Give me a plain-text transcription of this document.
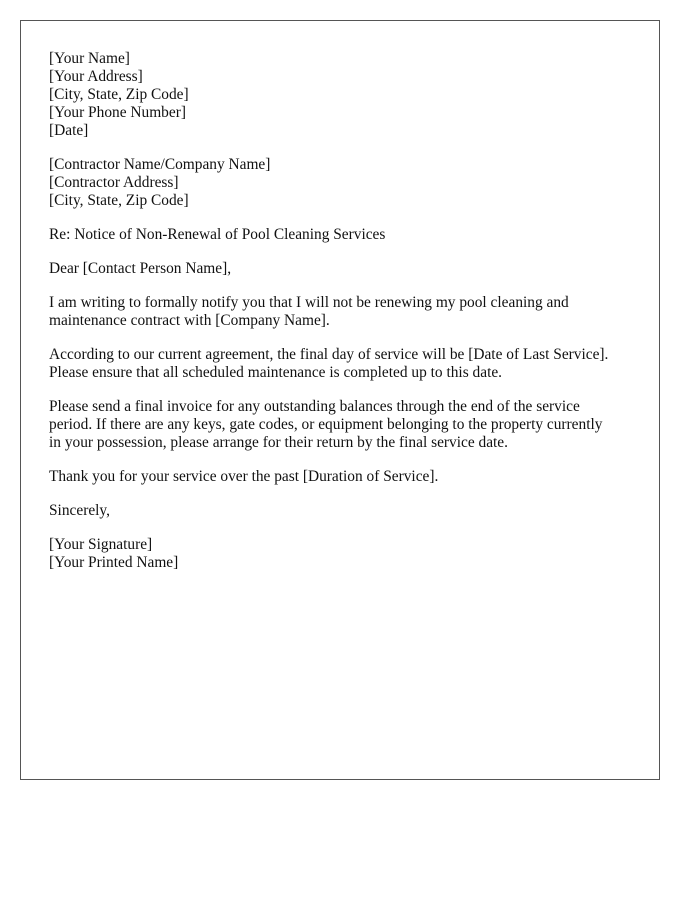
[Your Name]
[Your Address]
[City, State, Zip Code]
[Your Phone Number]
[Date]
[Contractor Name/Company Name]
[Contractor Address]
[City, State, Zip Code]
Re: Notice of Non-Renewal of Pool Cleaning Services
Dear [Contact Person Name],
I am writing to formally notify you that I will not be renewing my pool cleaning and
maintenance contract with [Company Name].
According to our current agreement, the final day of service will be [Date of Last Service].
Please ensure that all scheduled maintenance is completed up to this date.
Please send a final invoice for any outstanding balances through the end of the service
period. If there are any keys, gate codes, or equipment belonging to the property currently
in your possession, please arrange for their return by the final service date.
Thank you for your service over the past [Duration of Service].
Sincerely,
[Your Signature]
[Your Printed Name]
